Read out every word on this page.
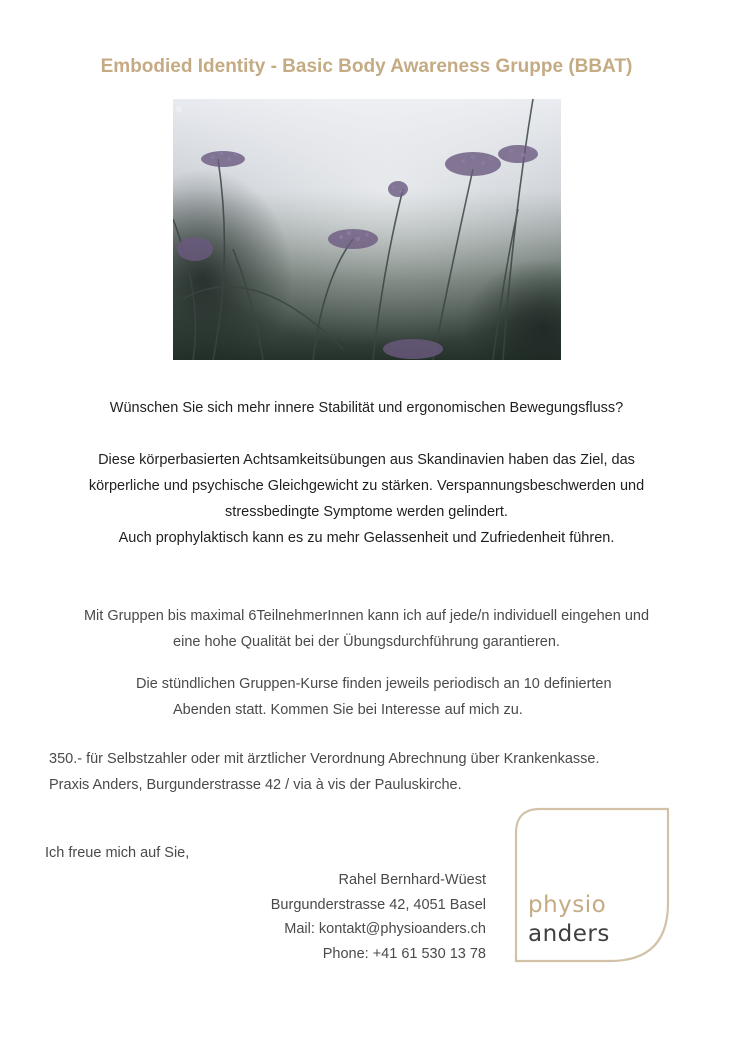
Embodied Identity - Basic Body Awareness Gruppe (BBAT)

Wünschen Sie sich mehr innere Stabilität und ergonomischen Bewegungsfluss?

Diese körperbasierten Achtsamkeitsübungen aus Skandinavien haben das Ziel, das

körperliche und psychische Gleichgewicht zu stärken. Verspannungsbeschwerden und

stressbedingte Symptome werden gelindert.

Auch prophylaktisch kann es zu mehr Gelassenheit und Zufriedenheit führen.

Mit Gruppen bis maximal 6TeilnehmerInnen kann ich auf jede/n individuell eingehen und

eine hohe Qualität bei der Übungsdurchführung garantieren.

Die stündlichen Gruppen-Kurse finden jeweils periodisch an 10 definierten

Abenden statt. Kommen Sie bei Interesse auf mich zu.

350.- für Selbstzahler oder mit ärztlicher Verordnung Abrechnung über Krankenkasse.

Praxis Anders, Burgunderstrasse 42 / via à vis der Pauluskirche.

Ich freue mich auf Sie,
Rahel Bernhard-Wüest
Burgunderstrasse 42, 4051 Basel
Mail: kontakt@physioanders.ch
Phone: +41 61 530 13 78
physio
anders
